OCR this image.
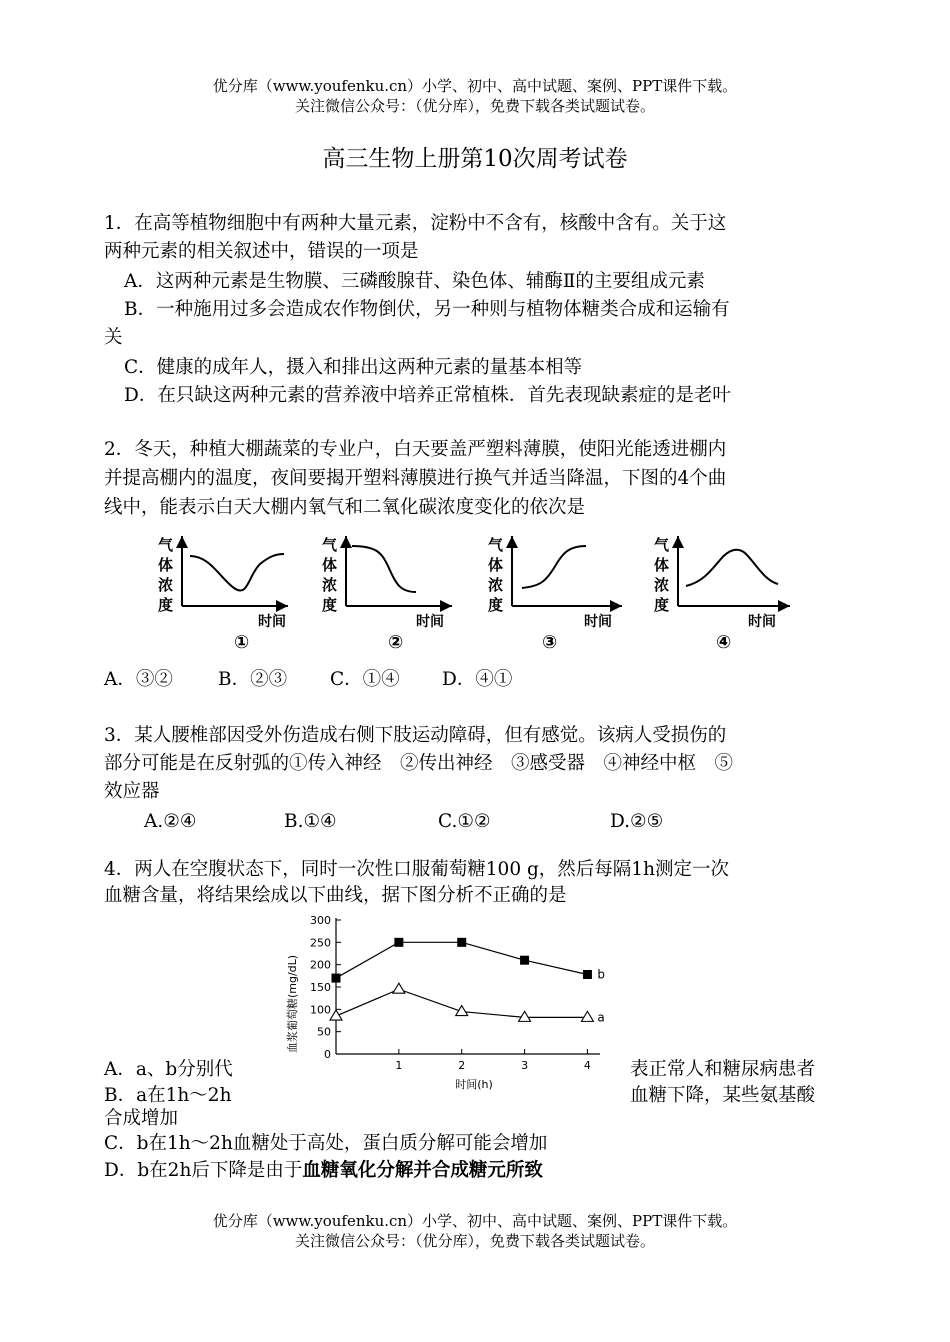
优分库（www.youfenku.cn）小学、初中、高中试题、案例、PPT课件下载。
关注微信公众号：（优分库），免费下载各类试题试卷。
高三生物上册第10次周考试卷
1．在高等植物细胞中有两种大量元素，淀粉中不含有，核酸中含有。关于这
两种元素的相关叙述中，错误的一项是
A．这两种元素是生物膜、三磷酸腺苷、染色体、辅酶Ⅱ的主要组成元素
B．一种施用过多会造成农作物倒伏，另一种则与植物体糖类合成和运输有
关
C．健康的成年人，摄入和排出这两种元素的量基本相等
D．在只缺这两种元素的营养液中培养正常植株．首先表现缺素症的是老叶
2．冬天，种植大棚蔬菜的专业户，白天要盖严塑料薄膜，使阳光能透进棚内
并提高棚内的温度，夜间要揭开塑料薄膜进行换气并适当降温，下图的4个曲
线中，能表示白天大棚内氧气和二氧化碳浓度变化的依次是
气
体
浓
度
时间
①
气
体
浓
度
时间
②
气
体
浓
度
时间
③
气
体
浓
度
时间
④
A．③② B．②③ C．①④ D．④①
3．某人腰椎部因受外伤造成右侧下肢运动障碍，但有感觉。该病人受损伤的
部分可能是在反射弧的①传入神经　②传出神经　③感受器　④神经中枢　⑤
效应器
A.②④	B.①④	C.①②	D.②⑤
4．两人在空腹状态下，同时一次性口服葡萄糖100 g，然后每隔1h测定一次
血糖含量，将结果绘成以下曲线，据下图分析不正确的是
血浆葡萄糖(mg/dL)
时间(h)
0
50
100
150
200
250
300
1	2	3	4
b
a
A．a、b分别代	表正常人和糖尿病患者
B．a在1h～2h	血糖下降，某些氨基酸
合成增加
C．b在1h～2h血糖处于高处，蛋白质分解可能会增加
D．b在2h后下降是由于血糖氧化分解并合成糖元所致
优分库（www.youfenku.cn）小学、初中、高中试题、案例、PPT课件下载。
关注微信公众号：（优分库），免费下载各类试题试卷。
